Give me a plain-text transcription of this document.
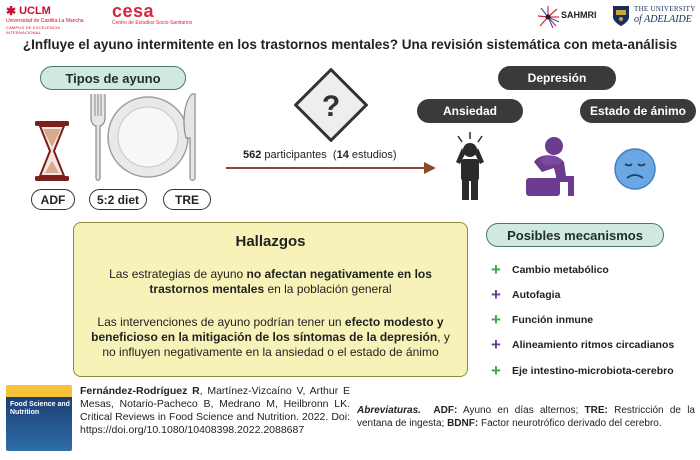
✱ UCLM
Universidad de Castilla-La Mancha
CAMPUS DE EXCELENCIA INTERNACIONAL
cesa
Centro de Estudios Socio-Sanitarios
SAHMRI
THE UNIVERSITY
of ADELAIDE
¿Influye el ayuno intermitente en los trastornos mentales? Una revisión sistemática con meta-análisis
Tipos de ayuno
ADF	5:2 diet	TRE
?
562 participantes (14 estudios)
Depresión
Ansiedad	Estado de ánimo
Hallazgos
Las estrategias de ayuno no afectan negativamente en los trastornos mentales en la población general
Las intervenciones de ayuno podrían tener un efecto modesto y beneficioso en la mitigación de los síntomas de la depresión, y no influyen negativamente en la ansiedad o el estado de ánimo
Posibles mecanismos
+ Cambio metabólico
+ Autofagia
+ Función inmune
+ Alineamiento ritmos circadianos
+ Eje intestino-microbiota-cerebro
Food Science and Nutrition
Fernández-Rodríguez R, Martínez-Vizcaíno V, Arthur E Mesas, Notario-Pacheco B, Medrano M, Heilbronn LK. Critical Reviews in Food Science and Nutrition. 2022. Doi: https://doi.org/10.1080/10408398.2022.2088687
Abreviaturas. ADF: Ayuno en días alternos; TRE: Restricción de la ventana de ingesta; BDNF: Factor neurotrófico derivado del cerebro.
